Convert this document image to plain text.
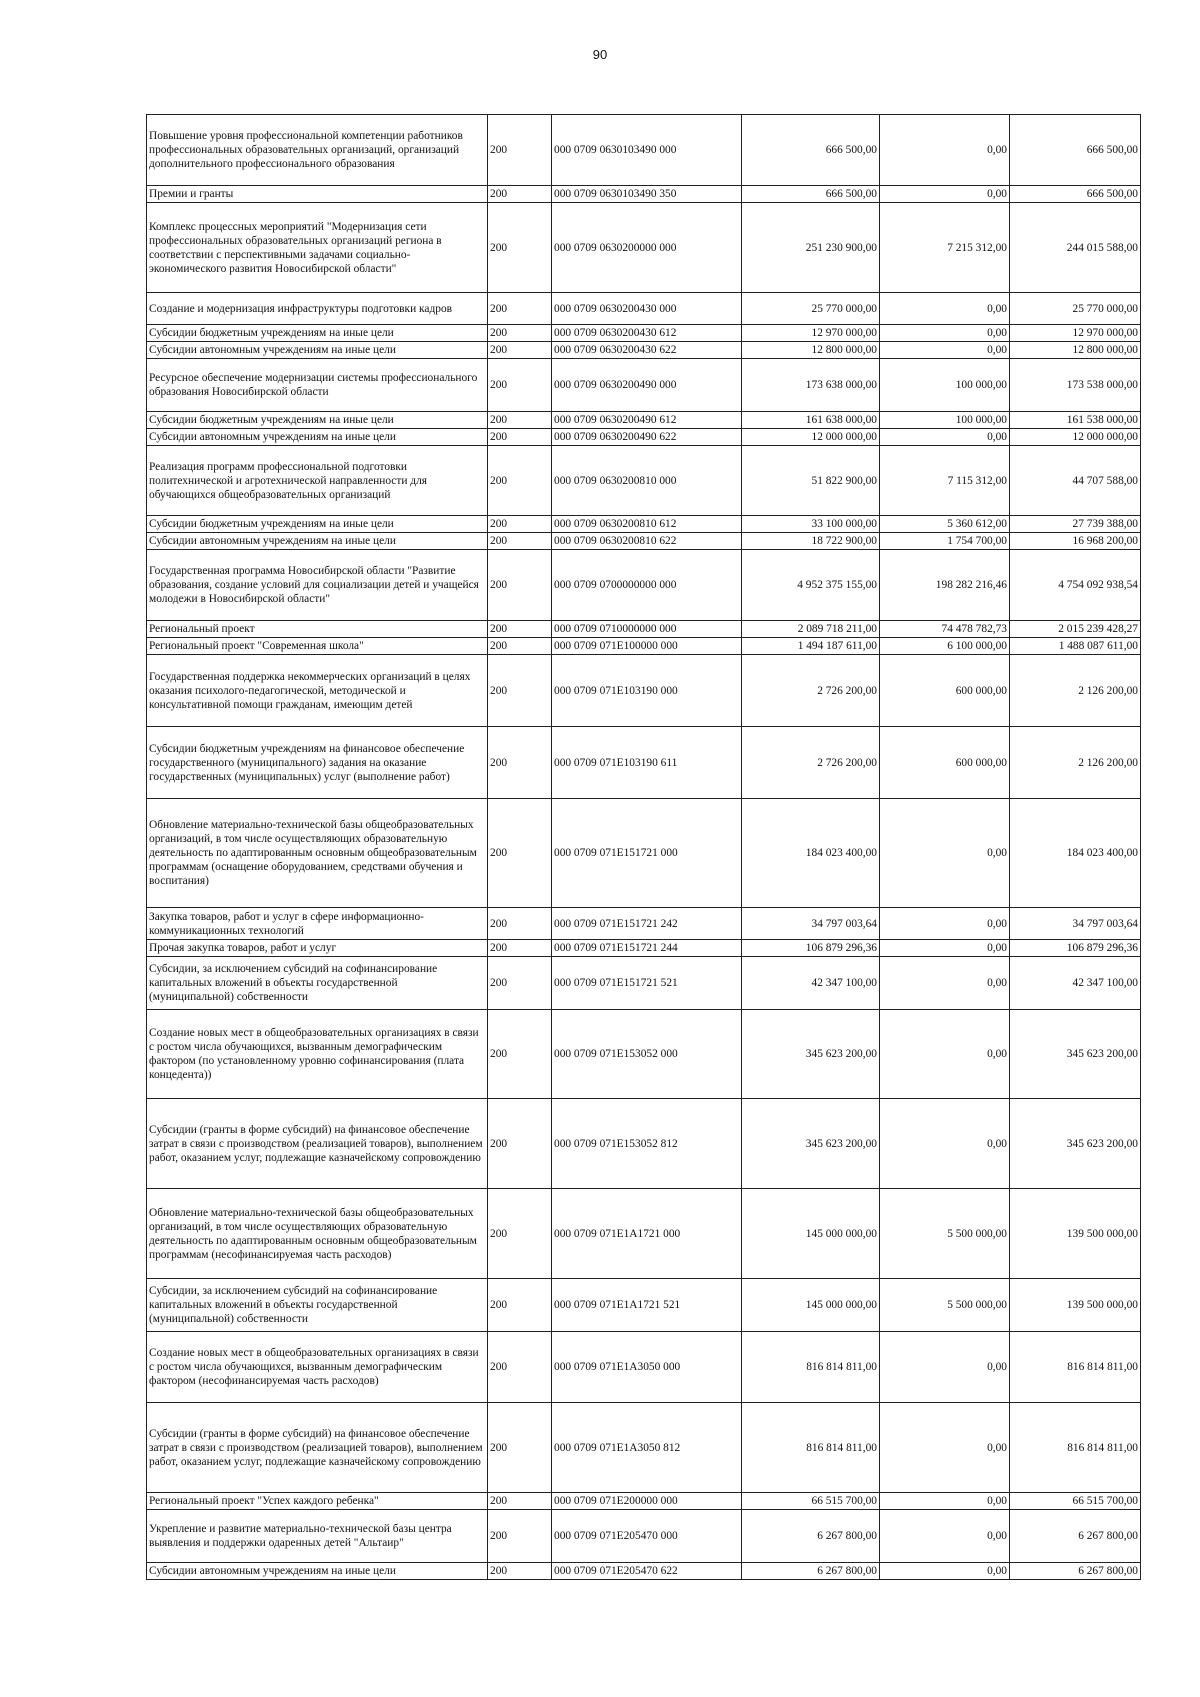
90
Повышение уровня профессиональной компетенции работников профессиональных образовательных организаций, организаций дополнительного профессионального образования	200	000 0709 0630103490 000	666 500,00	0,00	666 500,00
Премии и гранты	200	000 0709 0630103490 350	666 500,00	0,00	666 500,00
Комплекс процессных мероприятий "Модернизация сети профессиональных образовательных организаций региона в соответствии с перспективными задачами социально-экономического развития Новосибирской области"	200	000 0709 0630200000 000	251 230 900,00	7 215 312,00	244 015 588,00
Создание и модернизация инфраструктуры подготовки кадров	200	000 0709 0630200430 000	25 770 000,00	0,00	25 770 000,00
Субсидии бюджетным учреждениям на иные цели	200	000 0709 0630200430 612	12 970 000,00	0,00	12 970 000,00
Субсидии автономным учреждениям на иные цели	200	000 0709 0630200430 622	12 800 000,00	0,00	12 800 000,00
Ресурсное обеспечение модернизации системы профессионального образования Новосибирской области	200	000 0709 0630200490 000	173 638 000,00	100 000,00	173 538 000,00
Субсидии бюджетным учреждениям на иные цели	200	000 0709 0630200490 612	161 638 000,00	100 000,00	161 538 000,00
Субсидии автономным учреждениям на иные цели	200	000 0709 0630200490 622	12 000 000,00	0,00	12 000 000,00
Реализация программ профессиональной подготовки политехнической и агротехнической направленности для обучающихся общеобразовательных организаций	200	000 0709 0630200810 000	51 822 900,00	7 115 312,00	44 707 588,00
Субсидии бюджетным учреждениям на иные цели	200	000 0709 0630200810 612	33 100 000,00	5 360 612,00	27 739 388,00
Субсидии автономным учреждениям на иные цели	200	000 0709 0630200810 622	18 722 900,00	1 754 700,00	16 968 200,00
Государственная программа Новосибирской области "Развитие образования, создание условий для социализации детей и учащейся молодежи в Новосибирской области"	200	000 0709 0700000000 000	4 952 375 155,00	198 282 216,46	4 754 092 938,54
Региональный проект	200	000 0709 0710000000 000	2 089 718 211,00	74 478 782,73	2 015 239 428,27
Региональный проект "Современная школа"	200	000 0709 071E100000 000	1 494 187 611,00	6 100 000,00	1 488 087 611,00
Государственная поддержка некоммерческих организаций в целях оказания психолого-педагогической, методической и консультативной помощи гражданам, имеющим детей	200	000 0709 071E103190 000	2 726 200,00	600 000,00	2 126 200,00
Субсидии бюджетным учреждениям на финансовое обеспечение государственного (муниципального) задания на оказание государственных (муниципальных) услуг (выполнение работ)	200	000 0709 071E103190 611	2 726 200,00	600 000,00	2 126 200,00
Обновление материально-технической базы общеобразовательных организаций, в том числе осуществляющих образовательную деятельность по адаптированным основным общеобразовательным программам (оснащение оборудованием, средствами обучения и воспитания)	200	000 0709 071E151721 000	184 023 400,00	0,00	184 023 400,00
Закупка товаров, работ и услуг в сфере информационно-коммуникационных технологий	200	000 0709 071E151721 242	34 797 003,64	0,00	34 797 003,64
Прочая закупка товаров, работ и услуг	200	000 0709 071E151721 244	106 879 296,36	0,00	106 879 296,36
Субсидии, за исключением субсидий на софинансирование капитальных вложений в объекты государственной (муниципальной) собственности	200	000 0709 071E151721 521	42 347 100,00	0,00	42 347 100,00
Создание новых мест в общеобразовательных организациях в связи с ростом числа обучающихся, вызванным демографическим фактором (по установленному уровню софинансирования (плата концедента))	200	000 0709 071E153052 000	345 623 200,00	0,00	345 623 200,00
Субсидии (гранты в форме субсидий) на финансовое обеспечение затрат в связи с производством (реализацией товаров), выполнением работ, оказанием услуг, подлежащие казначейскому сопровождению	200	000 0709 071E153052 812	345 623 200,00	0,00	345 623 200,00
Обновление материально-технической базы общеобразовательных организаций, в том числе осуществляющих образовательную деятельность по адаптированным основным общеобразовательным программам (несофинансируемая часть расходов)	200	000 0709 071E1A1721 000	145 000 000,00	5 500 000,00	139 500 000,00
Субсидии, за исключением субсидий на софинансирование капитальных вложений в объекты государственной (муниципальной) собственности	200	000 0709 071E1A1721 521	145 000 000,00	5 500 000,00	139 500 000,00
Создание новых мест в общеобразовательных организациях в связи с ростом числа обучающихся, вызванным демографическим фактором (несофинансируемая часть расходов)	200	000 0709 071E1A3050 000	816 814 811,00	0,00	816 814 811,00
Субсидии (гранты в форме субсидий) на финансовое обеспечение затрат в связи с производством (реализацией товаров), выполнением работ, оказанием услуг, подлежащие казначейскому сопровождению	200	000 0709 071E1A3050 812	816 814 811,00	0,00	816 814 811,00
Региональный проект "Успех каждого ребенка"	200	000 0709 071E200000 000	66 515 700,00	0,00	66 515 700,00
Укрепление и развитие материально-технической базы центра выявления и поддержки одаренных детей "Альтаир"	200	000 0709 071E205470 000	6 267 800,00	0,00	6 267 800,00
Субсидии автономным учреждениям на иные цели	200	000 0709 071E205470 622	6 267 800,00	0,00	6 267 800,00
